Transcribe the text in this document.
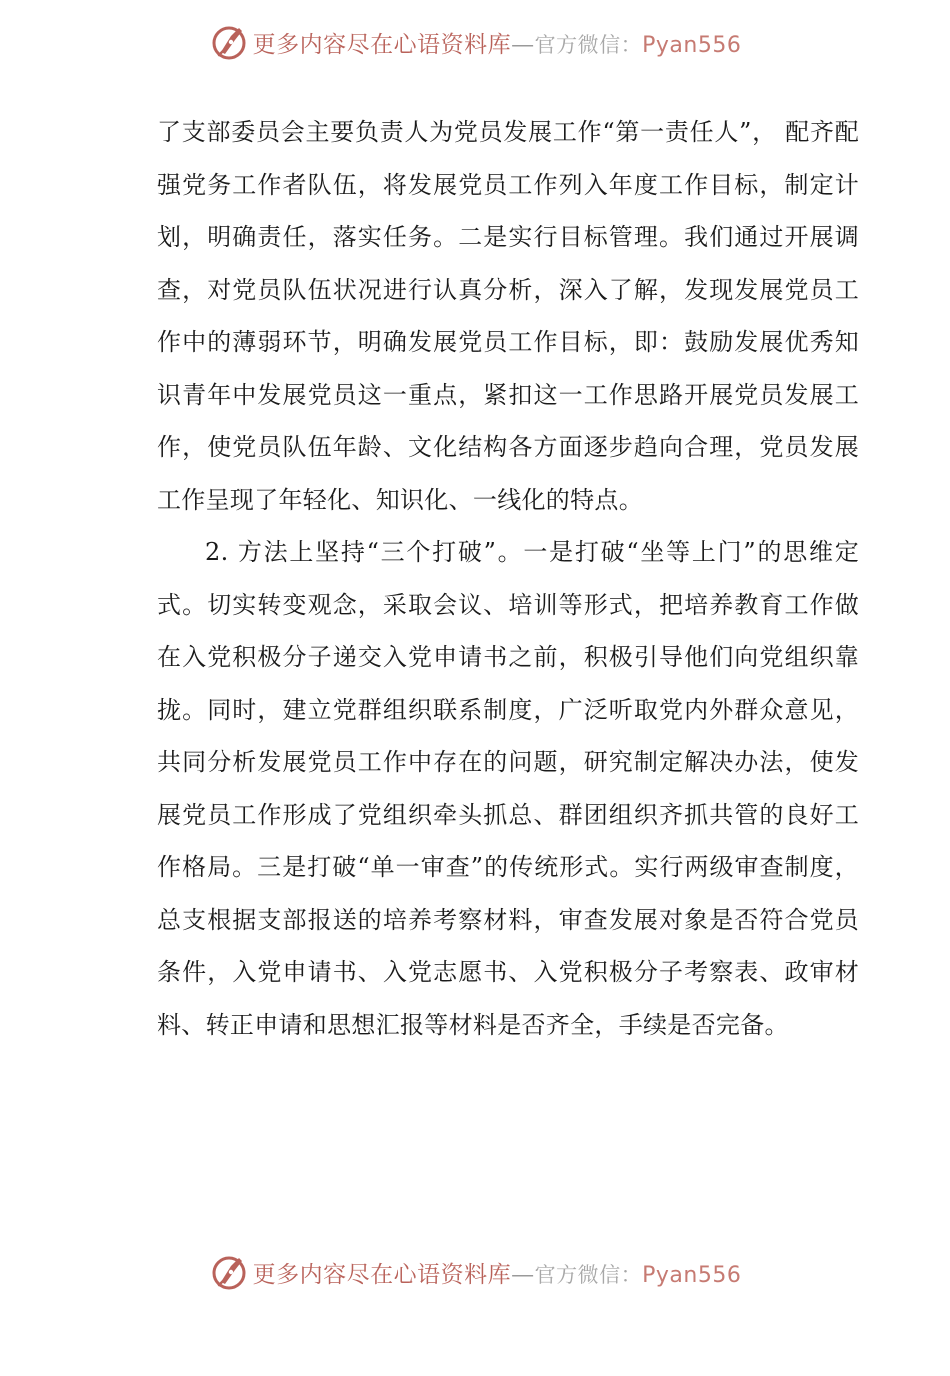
更多内容尽在心语资料库—官方微信：Pyan556

了支部委员会主要负责人为党员发展工作“第一责任人”， 配齐配强党务工作者队伍，将发展党员工作列入年度工作目标，制定计划，明确责任，落实任务。二是实行目标管理。我们通过开展调查，对党员队伍状况进行认真分析，深入了解，发现发展党员工作中的薄弱环节，明确发展党员工作目标，即：鼓励发展优秀知识青年中发展党员这一重点，紧扣这一工作思路开展党员发展工作，使党员队伍年龄、文化结构各方面逐步趋向合理，党员发展工作呈现了年轻化、知识化、一线化的特点。

2. 方法上坚持“三个打破”。一是打破“坐等上门”的思维定式。切实转变观念，采取会议、培训等形式，把培养教育工作做在入党积极分子递交入党申请书之前，积极引导他们向党组织靠拢。同时，建立党群组织联系制度，广泛听取党内外群众意见，共同分析发展党员工作中存在的问题，研究制定解决办法，使发展党员工作形成了党组织牵头抓总、群团组织齐抓共管的良好工作格局。三是打破“单一审查”的传统形式。实行两级审查制度，总支根据支部报送的培养考察材料，审查发展对象是否符合党员条件，入党申请书、入党志愿书、入党积极分子考察表、政审材料、转正申请和思想汇报等材料是否齐全，手续是否完备。

更多内容尽在心语资料库—官方微信：Pyan556
